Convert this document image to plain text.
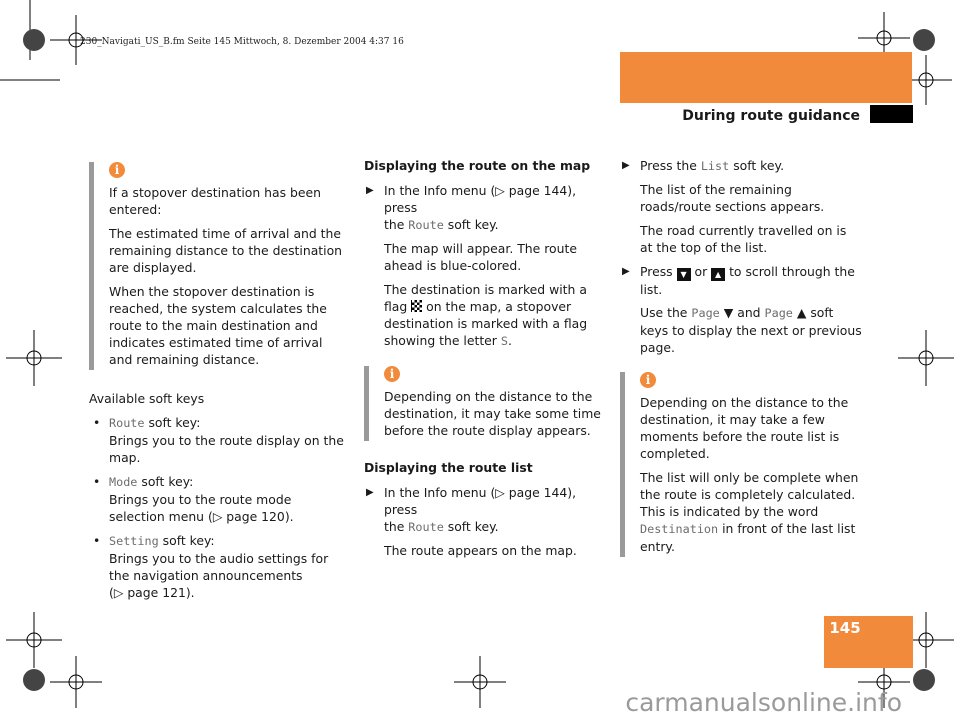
230_Navigati_US_B.fm Seite 145 Mittwoch, 8. Dezember 2004 4:37 16
Navigation
During route guidance
i

If a stopover destination has been entered:

The estimated time of arrival and the remaining distance to the destination are displayed.

When the stopover destination is reached, the system calculates the route to the main destination and indicates estimated time of arrival and remaining distance.

Available soft keys

• Route soft key:
Brings you to the route display on the map.
• Mode soft key:
Brings you to the route mode selection menu (▷ page 120).
• Setting soft key:
Brings you to the audio settings for the navigation announcements
(▷ page 121).

Displaying the route on the map

▶ In the Info menu (▷ page 144), press
the Route soft key.

The map will appear. The route ahead is blue-colored.

The destination is marked with a flag  on the map, a stopover destination is marked with a flag showing the letter S.

i

Depending on the distance to the destination, it may take some time before the route display appears.

Displaying the route list

▶ In the Info menu (▷ page 144), press
the Route soft key.

The route appears on the map.

▶ Press the List soft key.

The list of the remaining roads/route sections appears.

The road currently travelled on is at the top of the list.

▶ Press ▼ or ▲ to scroll through the list.

Use the Page ▼ and Page ▲ soft keys to display the next or previous page.

i

Depending on the distance to the destination, it may take a few moments before the route list is completed.

The list will only be complete when the route is completely calculated. This is indicated by the word Destination in front of the last list entry.

145
carmanualsonline.info
